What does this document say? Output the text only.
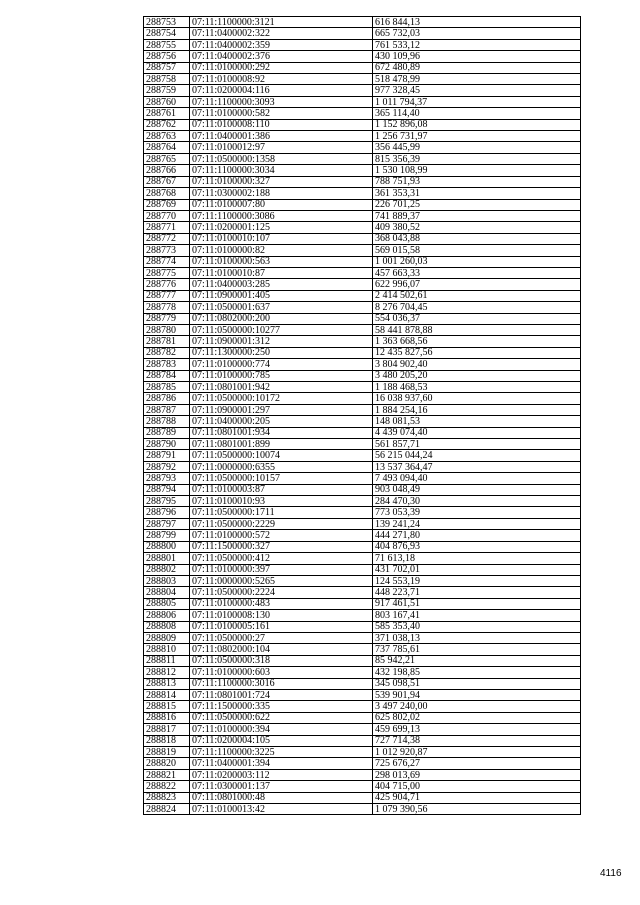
288753	07:11:1100000:3121	616 844,13
288754	07:11:0400002:322	665 732,03
288755	07:11:0400002:359	761 533,12
288756	07:11:0400002:376	430 109,96
288757	07:11:0100000:292	672 480,89
288758	07:11:0100008:92	518 478,99
288759	07:11:0200004:116	977 328,45
288760	07:11:1100000:3093	1 011 794,37
288761	07:11:0100000:582	365 114,40
288762	07:11:0100008:110	1 152 896,08
288763	07:11:0400001:386	1 256 731,97
288764	07:11:0100012:97	356 445,99
288765	07:11:0500000:1358	815 356,39
288766	07:11:1100000:3034	1 530 108,99
288767	07:11:0100000:327	788 751,93
288768	07:11:0300002:188	361 353,31
288769	07:11:0100007:80	226 701,25
288770	07:11:1100000:3086	741 889,37
288771	07:11:0200001:125	409 380,52
288772	07:11:0100010:107	368 043,88
288773	07:11:0100000:82	569 015,58
288774	07:11:0100000:563	1 001 260,03
288775	07:11:0100010:87	457 663,33
288776	07:11:0400003:285	622 996,07
288777	07:11:0900001:405	2 414 502,61
288778	07:11:0500001:637	8 276 704,45
288779	07:11:0802000:200	554 036,37
288780	07:11:0500000:10277	58 441 878,88
288781	07:11:0900001:312	1 363 668,56
288782	07:11:1300000:250	12 435 827,56
288783	07:11:0100000:774	3 804 902,40
288784	07:11:0100000:785	3 480 205,20
288785	07:11:0801001:942	1 188 468,53
288786	07:11:0500000:10172	16 038 937,60
288787	07:11:0900001:297	1 884 254,16
288788	07:11:0400000:205	148 081,53
288789	07:11:0801001:934	4 439 074,40
288790	07:11:0801001:899	561 857,71
288791	07:11:0500000:10074	56 215 044,24
288792	07:11:0000000:6355	13 537 364,47
288793	07:11:0500000:10157	7 493 094,40
288794	07:11:0100003:87	903 048,49
288795	07:11:0100010:93	284 470,30
288796	07:11:0500000:1711	773 053,39
288797	07:11:0500000:2229	139 241,24
288799	07:11:0100000:572	444 271,80
288800	07:11:1500000:327	404 876,93
288801	07:11:0500000:412	71 613,18
288802	07:11:0100000:397	431 702,01
288803	07:11:0000000:5265	124 553,19
288804	07:11:0500000:2224	448 223,71
288805	07:11:0100000:483	917 461,51
288806	07:11:0100008:130	803 167,41
288808	07:11:0100005:161	585 353,40
288809	07:11:0500000:27	371 038,13
288810	07:11:0802000:104	737 785,61
288811	07:11:0500000:318	85 942,21
288812	07:11:0100000:603	432 198,85
288813	07:11:1100000:3016	345 098,51
288814	07:11:0801001:724	539 901,94
288815	07:11:1500000:335	3 497 240,00
288816	07:11:0500000:622	625 802,02
288817	07:11:0100000:394	459 699,13
288818	07:11:0200004:105	727 714,38
288819	07:11:1100000:3225	1 012 920,87
288820	07:11:0400001:394	725 676,27
288821	07:11:0200003:112	298 013,69
288822	07:11:0300001:137	404 715,00
288823	07:11:0801000:48	425 904,71
288824	07:11:0100013:42	1 079 390,56
4116
